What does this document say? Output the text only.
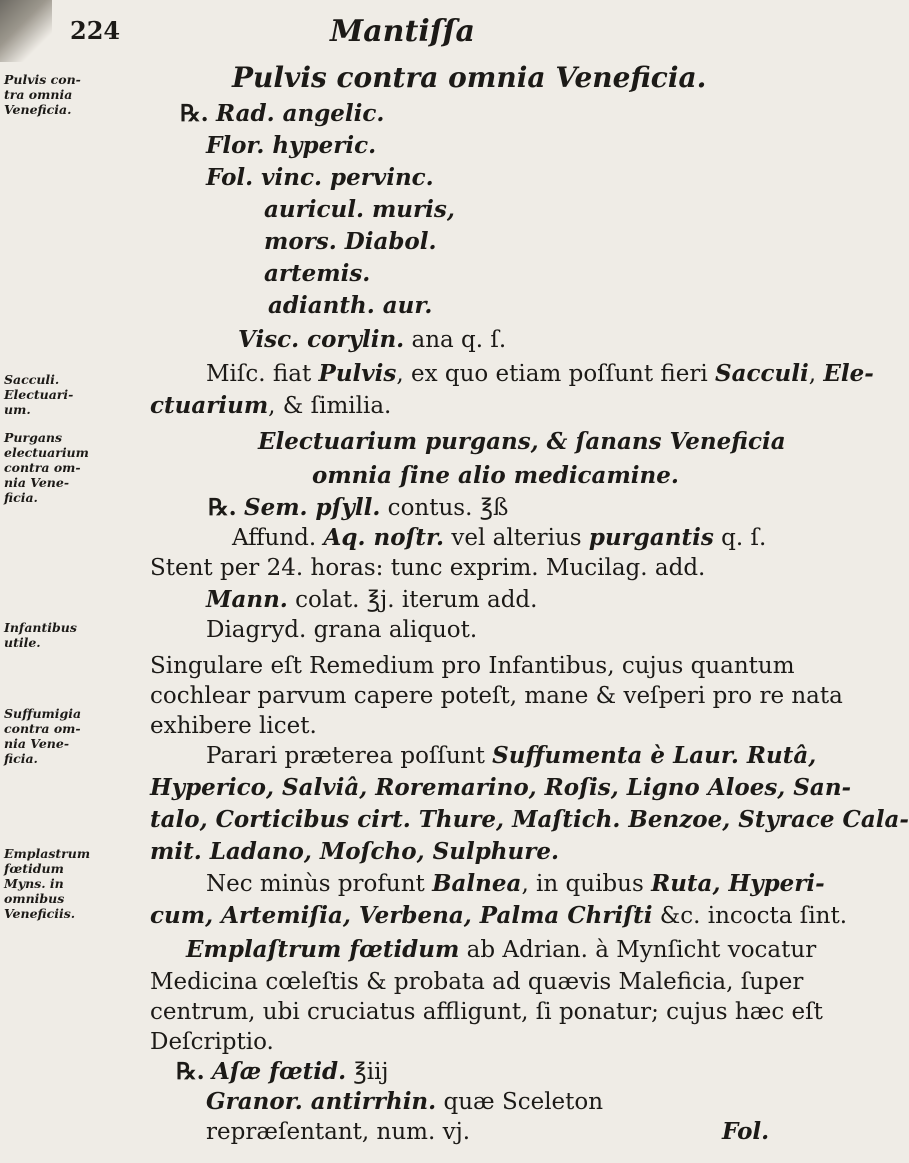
224	Mantiſſa
Pulvis con-
tra omnia
Veneficia.
Sacculi.
Electuari-
um.
Purgans
electuarium
contra om-
nia Vene-
ficia.
Infantibus
utile.
Suffumigia
contra om-
nia Vene-
ficia.
Emplastrum
fœtidum
Myns. in
omnibus
Veneficiis.
Pulvis contra omnia Veneficia.
℞. Rad. angelic.
Flor. hyperic.
Fol. vinc. pervinc.
auricul. muris,
mors. Diabol.
artemis.
adianth. aur.
Visc. corylin. ana q. ſ.
Miſc. fiat Pulvis, ex quo etiam poſſunt fieri Sacculi, Ele-
ctuarium, & ſimilia.
Electuarium purgans, & ſanans Veneficia
omnia ſine alio medicamine.
℞. Sem. pſyll. contus. ℥ß
Affund. Aq. noſtr. vel alterius purgantis q. ſ.
Stent per 24. horas: tunc exprim. Mucilag. add.
Mann. colat. ℥j. iterum add.
Diagryd. grana aliquot.
Singulare eſt Remedium pro Infantibus, cujus quantum
cochlear parvum capere poteſt, mane & veſperi pro re nata
exhibere licet.
Parari præterea poſſunt Suffumenta è Laur. Rutâ,
Hyperico, Salviâ, Roremarino, Roſis, Ligno Aloes, San-
talo, Corticibus cirt. Thure, Maſtich. Benzoe, Styrace Cala-
mit. Ladano, Moſcho, Sulphure.
Nec minùs profunt Balnea, in quibus Ruta, Hyperi-
cum, Artemiſia, Verbena, Palma Chriſti &c. incocta ſint.
Emplaſtrum fœtidum ab Adrian. à Mynſicht vocatur
Medicina cœleſtis & probata ad quævis Maleficia, ſuper
centrum, ubi cruciatus affligunt, ſi ponatur; cujus hæc eſt
Deſcriptio.
℞. Aſæ fœtid. ℥iij
Granor. antirrhin. quæ Sceleton
repræſentant, num. vj.	Fol.
